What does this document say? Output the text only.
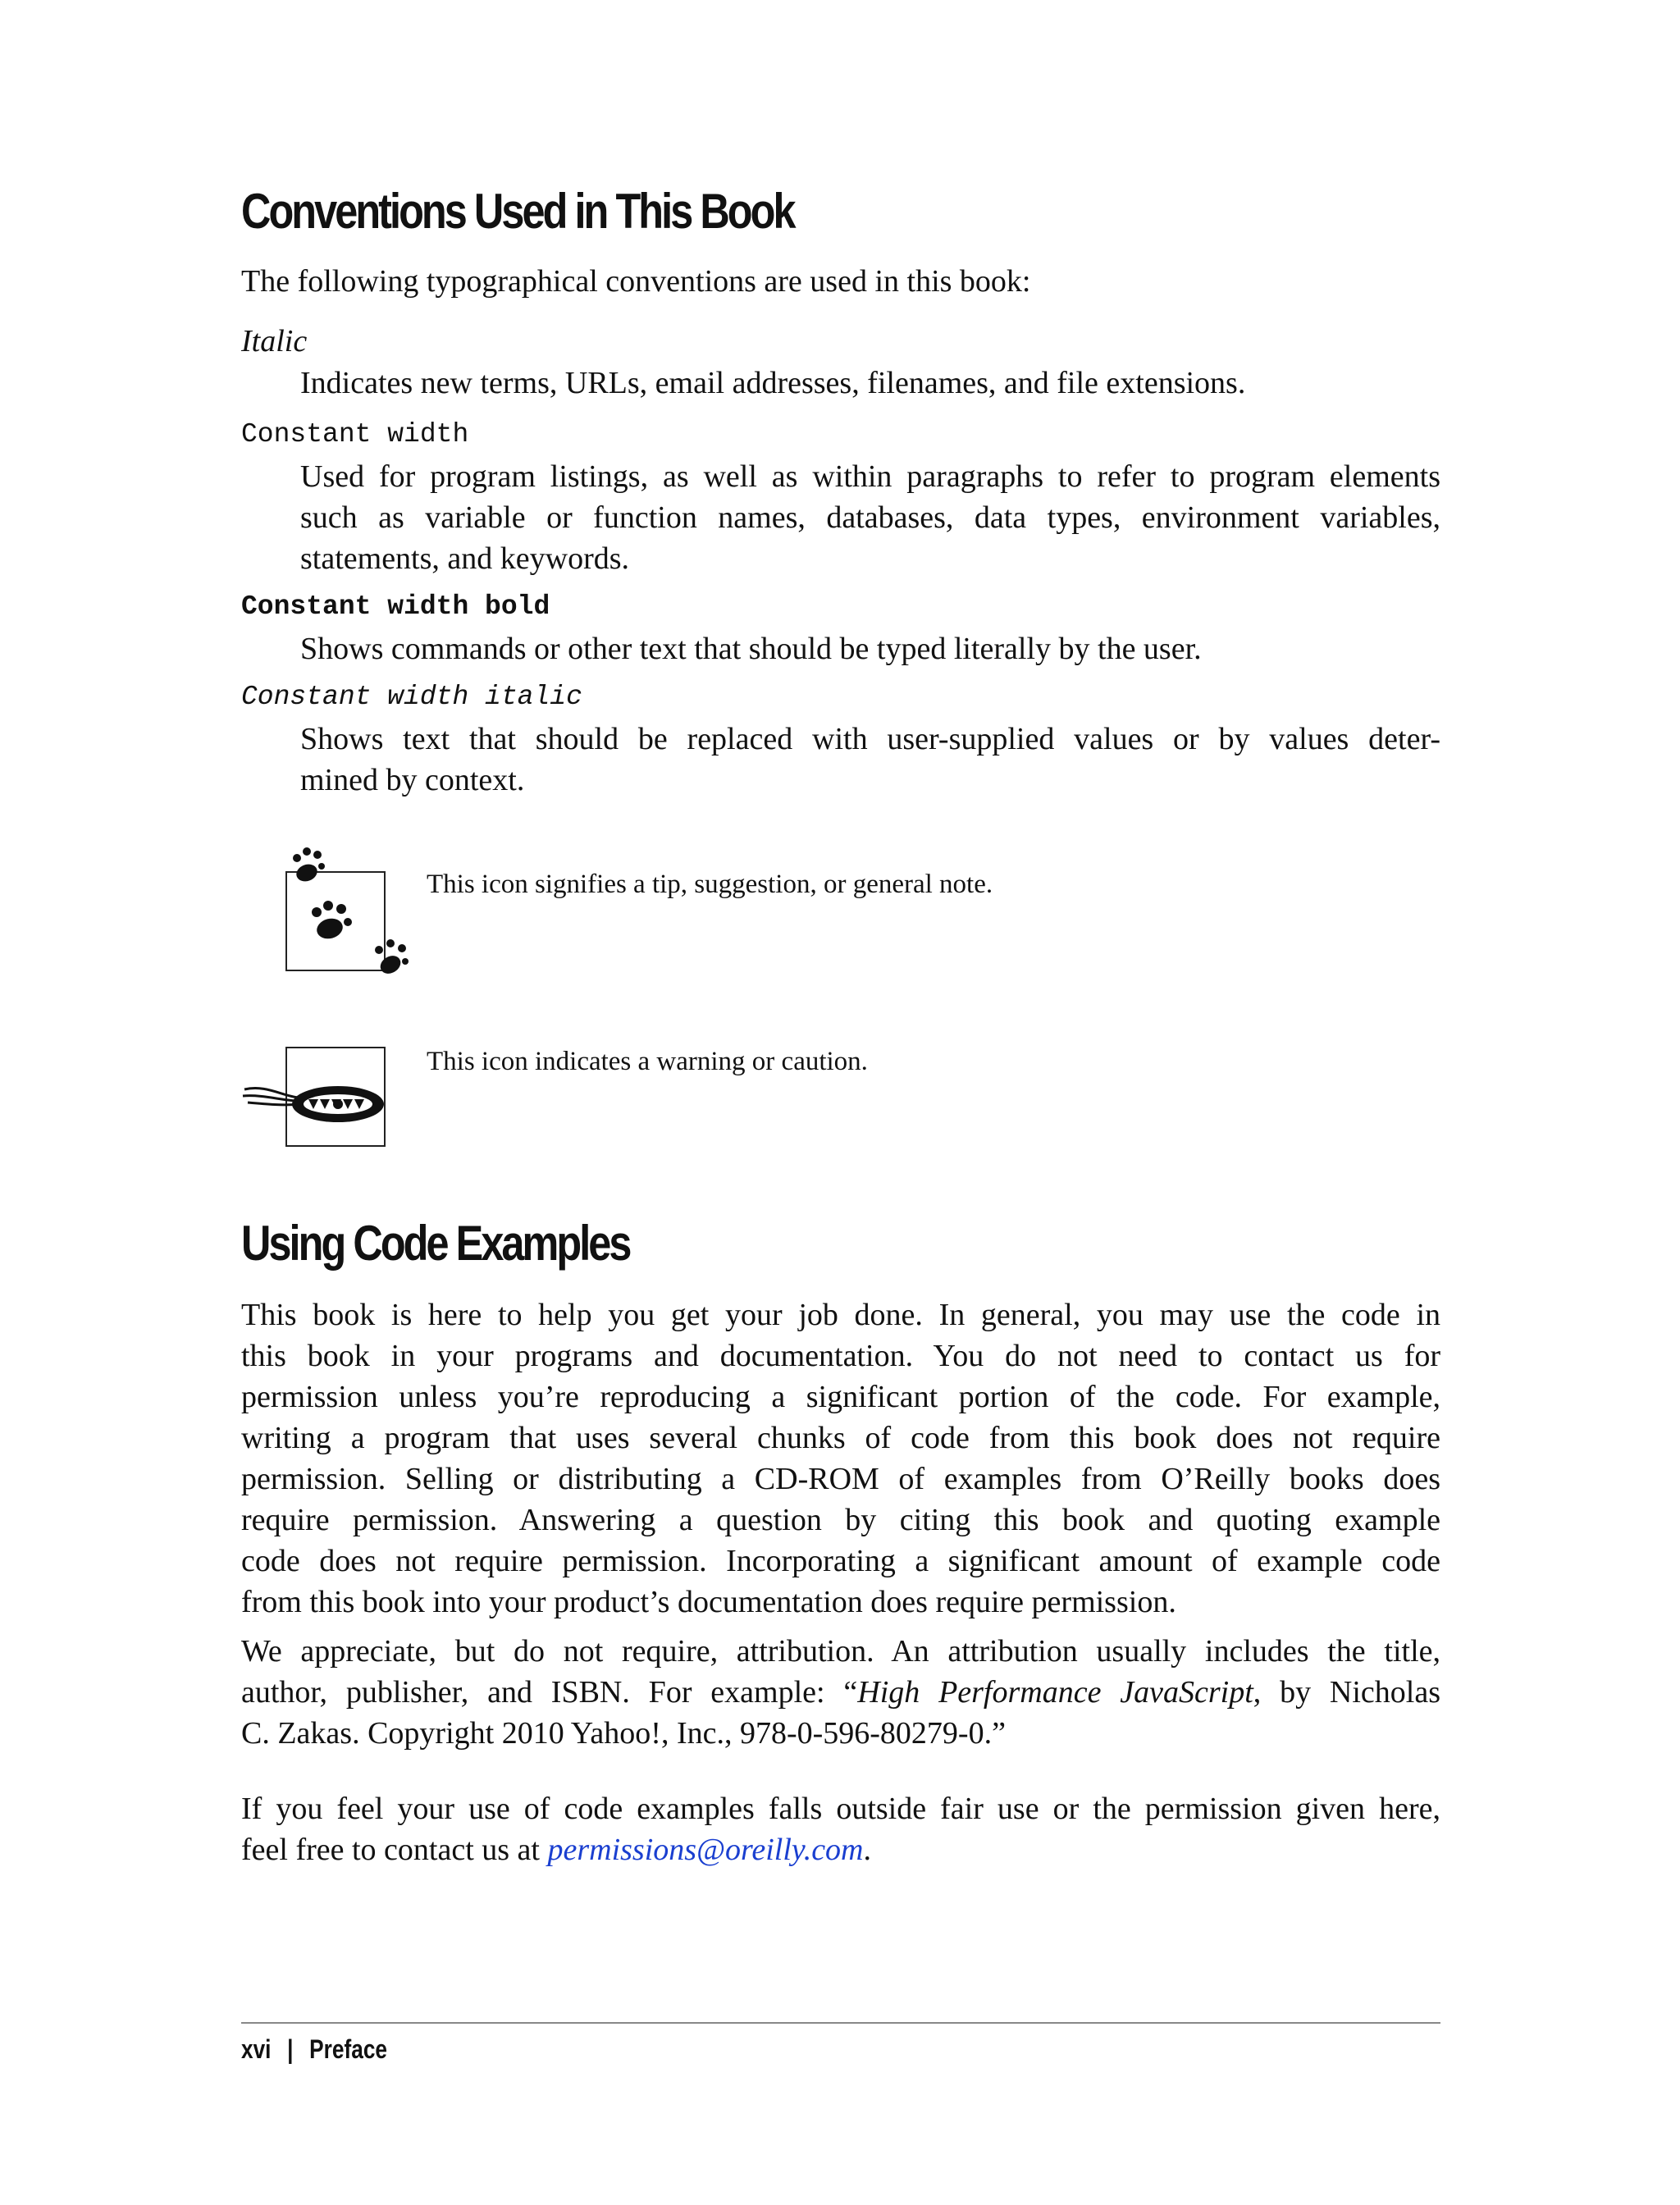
Conventions Used in This Book

The following typographical conventions are used in this book:

Italic

Indicates new terms, URLs, email addresses, filenames, and file extensions.

Constant width

Used for program listings, as well as within paragraphs to refer to program elements
such as variable or function names, databases, data types, environment variables,
statements, and keywords.

Constant width bold

Shows commands or other text that should be typed literally by the user.

Constant width italic

Shows text that should be replaced with user-supplied values or by values deter-
mined by context.

This icon signifies a tip, suggestion, or general note.

This icon indicates a warning or caution.

Using Code Examples
This book is here to help you get your job done. In general, you may use the code in
this book in your programs and documentation. You do not need to contact us for
permission unless you’re reproducing a significant portion of the code. For example,
writing a program that uses several chunks of code from this book does not require
permission. Selling or distributing a CD-ROM of examples from O’Reilly books does
require permission. Answering a question by citing this book and quoting example
code does not require permission. Incorporating a significant amount of example code
from this book into your product’s documentation does require permission.
We appreciate, but do not require, attribution. An attribution usually includes the title,
author, publisher, and ISBN. For example: “High Performance JavaScript, by Nicholas
C. Zakas. Copyright 2010 Yahoo!, Inc., 978-0-596-80279-0.”
If you feel your use of code examples falls outside fair use or the permission given here,
feel free to contact us at permissions@oreilly.com.

xvi | Preface
